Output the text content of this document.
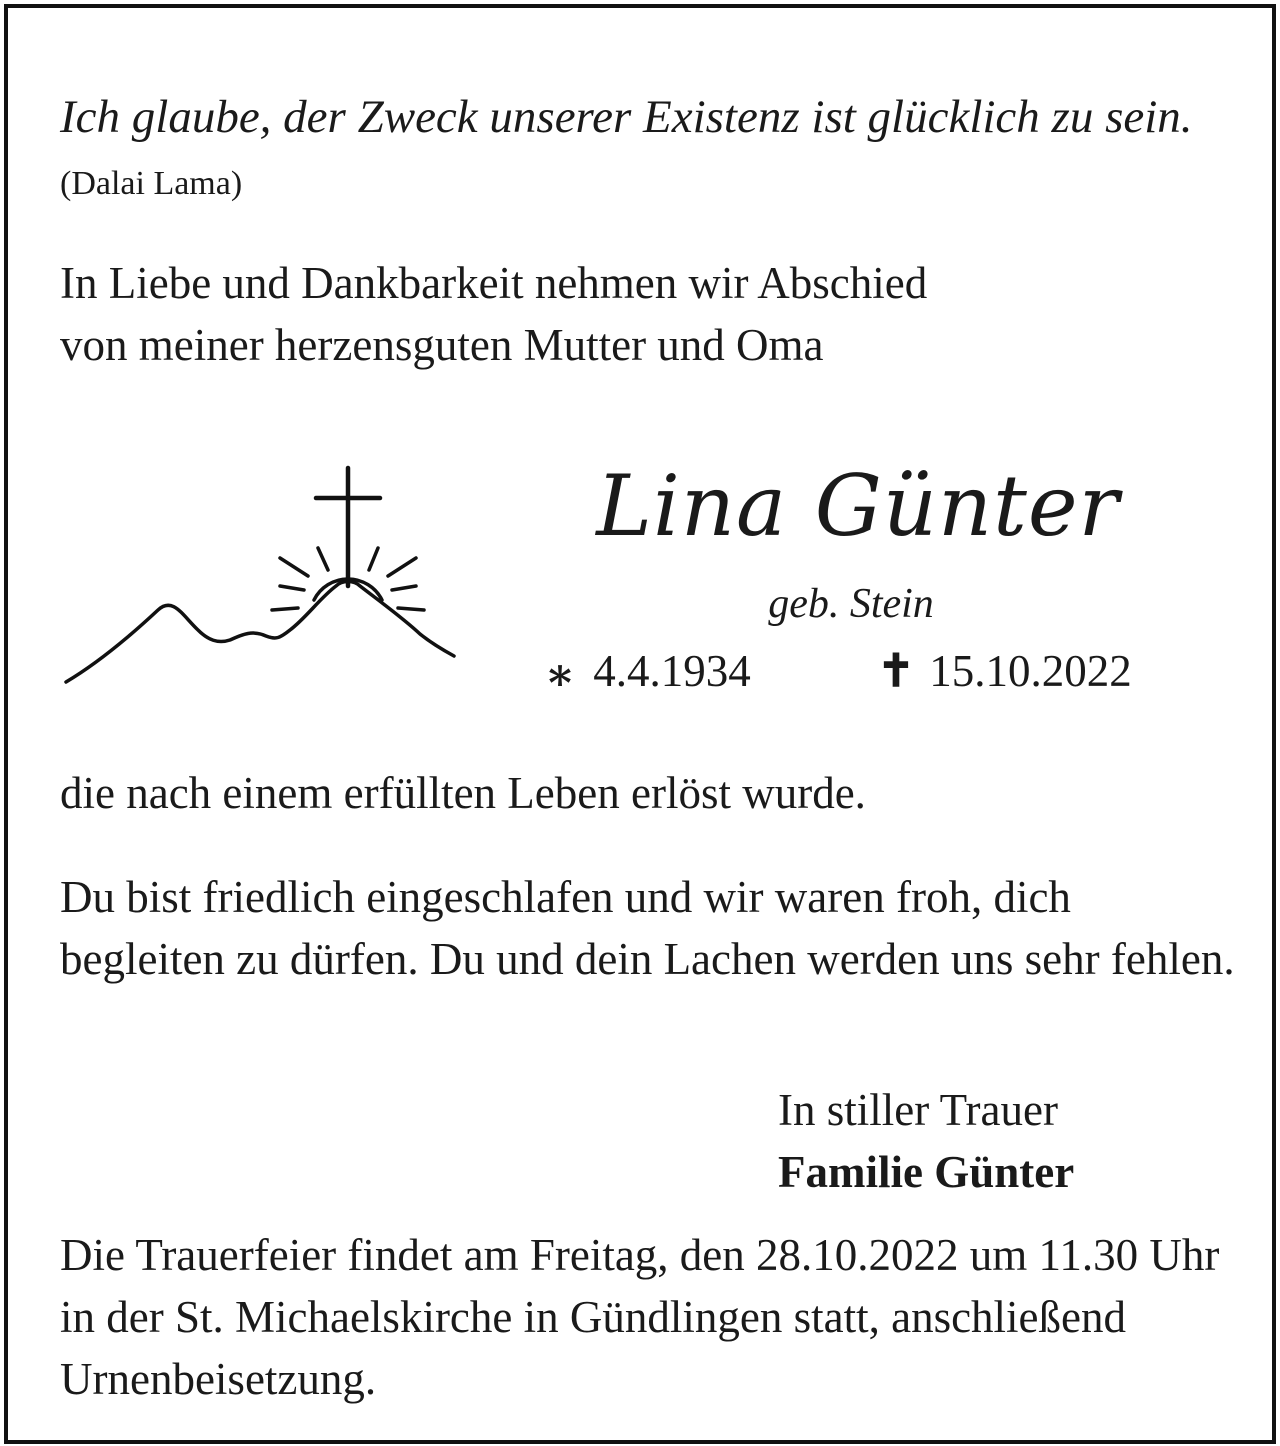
Ich glaube, der Zweck unserer Existenz ist glücklich zu sein. (Dalai Lama)

In Liebe und Dankbarkeit nehmen wir Abschied
von meiner herzensguten Mutter und Oma
Lina Günter
geb. Stein
⁎ 4.4.1934	✝ 15.10.2022

die nach einem erfüllten Leben erlöst wurde.

Du bist friedlich eingeschlafen und wir waren froh, dich begleiten zu dürfen. Du und dein Lachen werden uns sehr fehlen.

In stiller Trauer
Familie Günter

Die Trauerfeier findet am Freitag, den 28.10.2022 um 11.30 Uhr in der St. Michaelskirche in Gündlingen statt, anschließend Urnenbeisetzung.
